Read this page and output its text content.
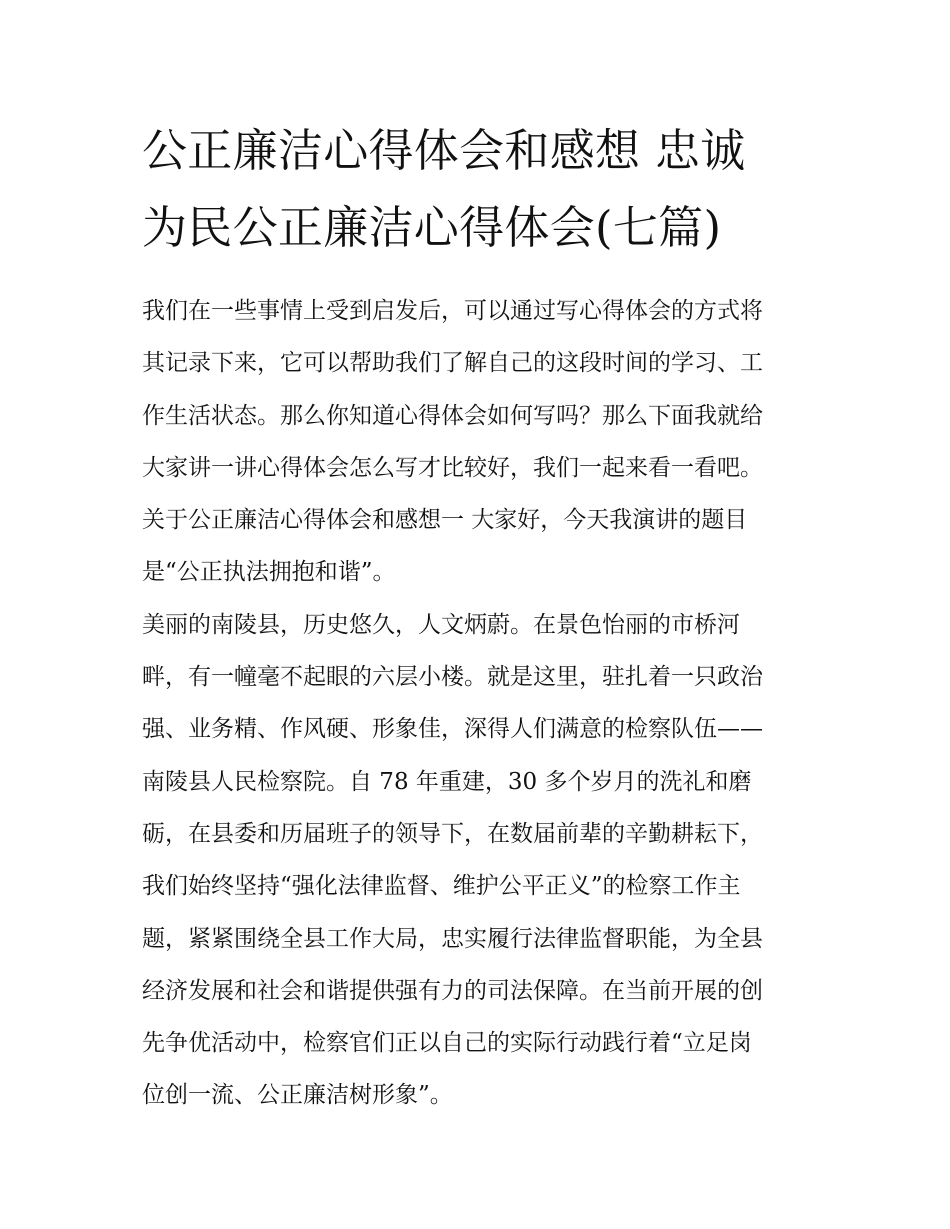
公正廉洁心得体会和感想 忠诚
为民公正廉洁心得体会(七篇)
我们在一些事情上受到启发后，可以通过写心得体会的方式将
其记录下来，它可以帮助我们了解自己的这段时间的学习、工
作生活状态。那么你知道心得体会如何写吗？那么下面我就给
大家讲一讲心得体会怎么写才比较好，我们一起来看一看吧。
关于公正廉洁心得体会和感想一 大家好，今天我演讲的题目
是“公正执法拥抱和谐”。
美丽的南陵县，历史悠久，人文炳蔚。在景色怡丽的市桥河
畔，有一幢毫不起眼的六层小楼。就是这里，驻扎着一只政治
强、业务精、作风硬、形象佳，深得人们满意的检察队伍——
南陵县人民检察院。自 78 年重建，30 多个岁月的洗礼和磨
砺，在县委和历届班子的领导下，在数届前辈的辛勤耕耘下，
我们始终坚持“强化法律监督、维护公平正义”的检察工作主
题，紧紧围绕全县工作大局，忠实履行法律监督职能，为全县
经济发展和社会和谐提供强有力的司法保障。在当前开展的创
先争优活动中，检察官们正以自己的实际行动践行着“立足岗
位创一流、公正廉洁树形象”。
